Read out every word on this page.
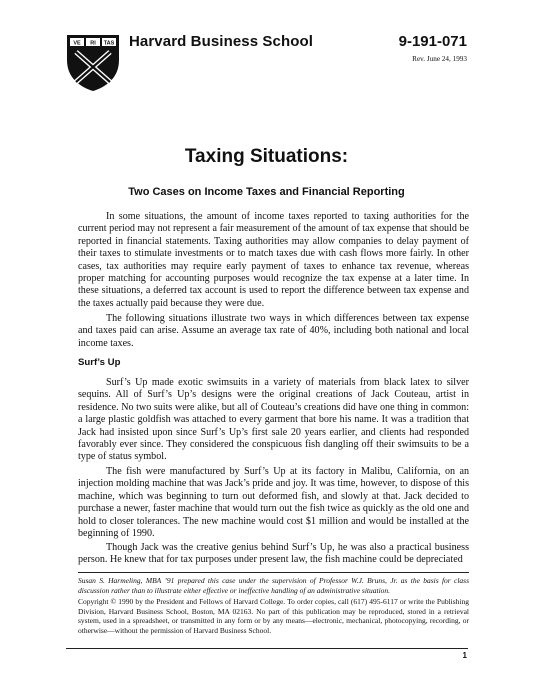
VE RI TAS Harvard Business School	9-191-071
Rev. June 24, 1993
Taxing Situations:
Two Cases on Income Taxes and Financial Reporting

In some situations, the amount of income taxes reported to taxing authorities for the current period may not represent a fair measurement of the amount of tax expense that should be reported in financial statements. Taxing authorities may allow companies to delay payment of their taxes to stimulate investments or to match taxes due with cash flows more fairly. In other cases, tax authorities may require early payment of taxes to enhance tax revenue, whereas proper matching for accounting purposes would recognize the tax expense at a later time. In these situations, a deferred tax account is used to report the difference between tax expense and the taxes actually paid because they were due.

The following situations illustrate two ways in which differences between tax expense and taxes paid can arise. Assume an average tax rate of 40%, including both national and local income taxes.

Surf’s Up

Surf’s Up made exotic swimsuits in a variety of materials from black latex to silver sequins. All of Surf’s Up’s designs were the original creations of Jack Couteau, artist in residence. No two suits were alike, but all of Couteau’s creations did have one thing in common: a large plastic goldfish was attached to every garment that bore his name. It was a tradition that Jack had insisted upon since Surf’s Up’s first sale 20 years earlier, and clients had responded favorably ever since. They considered the conspicuous fish dangling off their swimsuits to be a type of status symbol.

The fish were manufactured by Surf’s Up at its factory in Malibu, California, on an injection molding machine that was Jack’s pride and joy. It was time, however, to dispose of this machine, which was beginning to turn out deformed fish, and slowly at that. Jack decided to purchase a newer, faster machine that would turn out the fish twice as quickly as the old one and hold to closer tolerances. The new machine would cost $1 million and would be installed at the beginning of 1990.

Though Jack was the creative genius behind Surf’s Up, he was also a practical business person. He knew that for tax purposes under present law, the fish machine could be depreciated

Susan S. Harmeling, MBA ’91 prepared this case under the supervision of Professor W.J. Bruns, Jr. as the basis for class discussion rather than to illustrate either effective or ineffective handling of an administrative situation.
Copyright © 1990 by the President and Fellows of Harvard College. To order copies, call (617) 495-6117 or write the Publishing Division, Harvard Business School, Boston, MA 02163. No part of this publication may be reproduced, stored in a retrieval system, used in a spreadsheet, or transmitted in any form or by any means—electronic, mechanical, photocopying, recording, or otherwise—without the permission of Harvard Business School.
1
